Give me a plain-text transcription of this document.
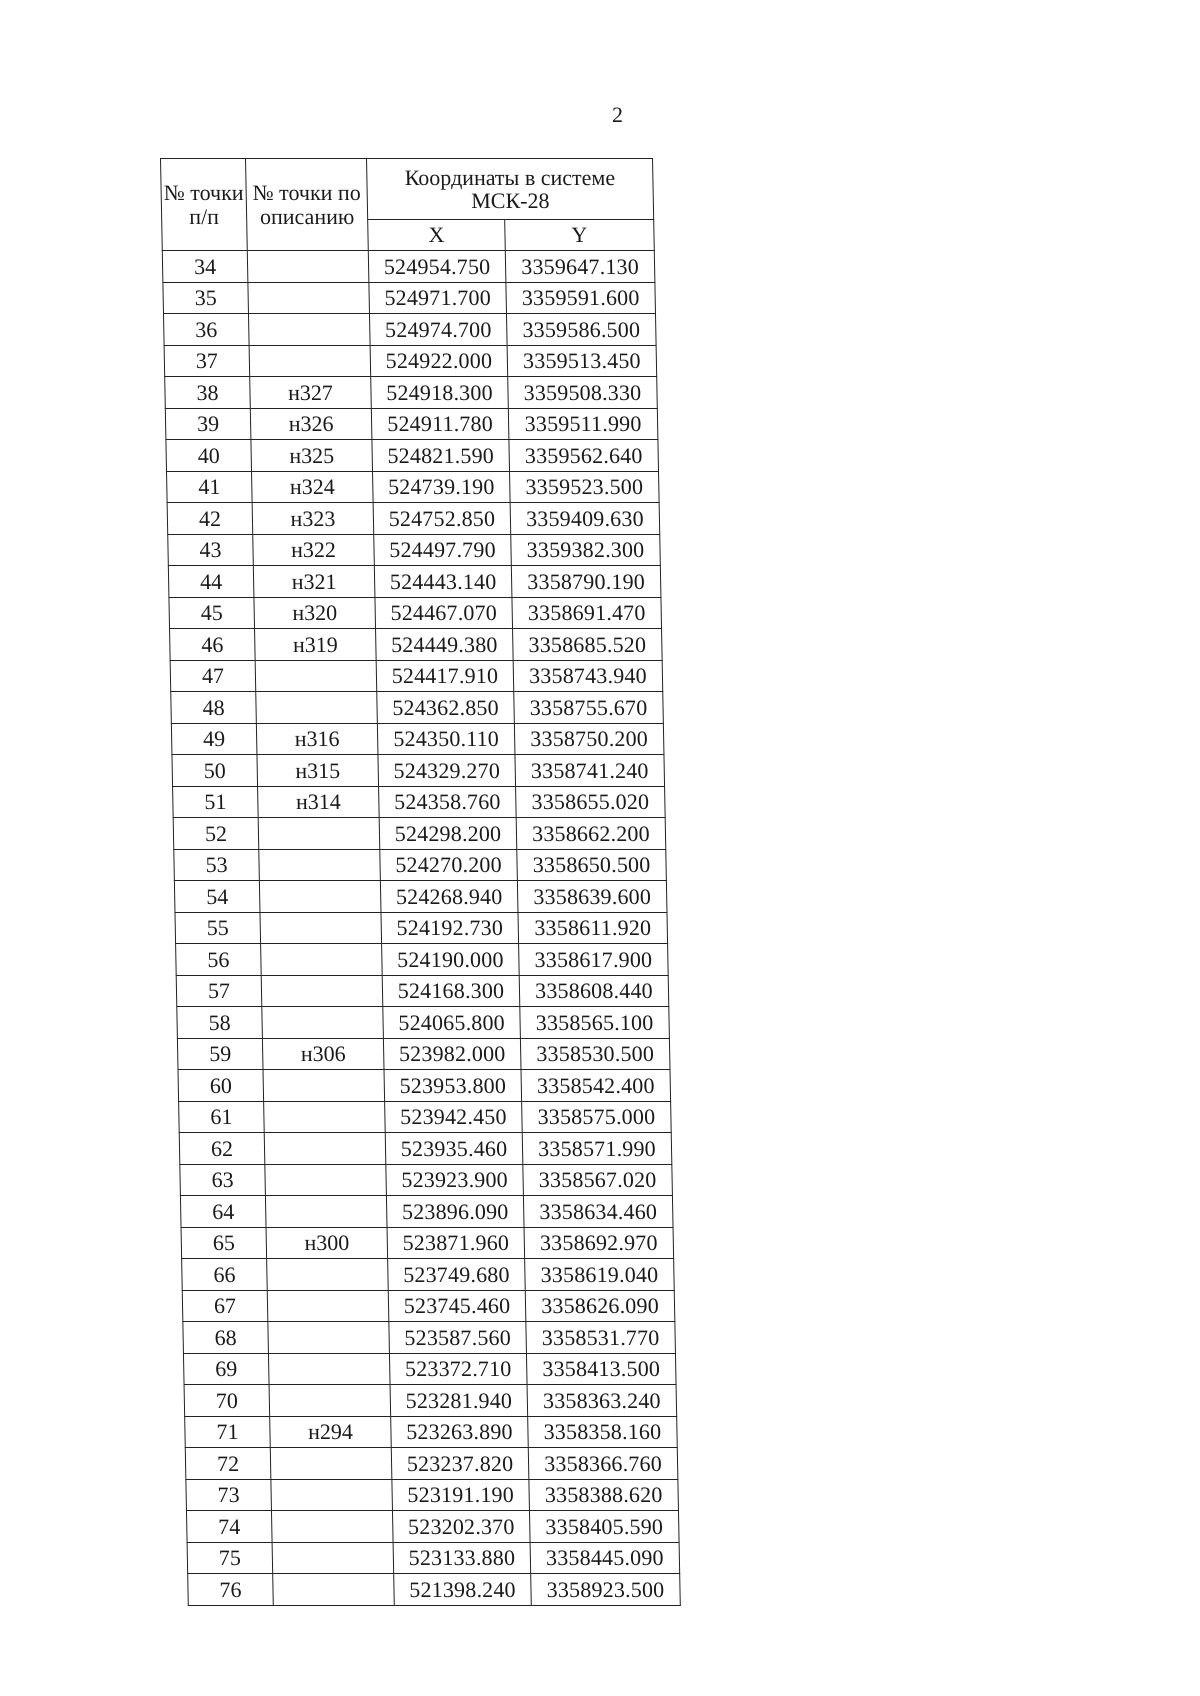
2
№ точки п/п	№ точки по описанию	Координаты в системе МСК-28	
		X	Y
34		524954.750	3359647.130
35		524971.700	3359591.600
36		524974.700	3359586.500
37		524922.000	3359513.450
38	н327	524918.300	3359508.330
39	н326	524911.780	3359511.990
40	н325	524821.590	3359562.640
41	н324	524739.190	3359523.500
42	н323	524752.850	3359409.630
43	н322	524497.790	3359382.300
44	н321	524443.140	3358790.190
45	н320	524467.070	3358691.470
46	н319	524449.380	3358685.520
47		524417.910	3358743.940
48		524362.850	3358755.670
49	н316	524350.110	3358750.200
50	н315	524329.270	3358741.240
51	н314	524358.760	3358655.020
52		524298.200	3358662.200
53		524270.200	3358650.500
54		524268.940	3358639.600
55		524192.730	3358611.920
56		524190.000	3358617.900
57		524168.300	3358608.440
58		524065.800	3358565.100
59	н306	523982.000	3358530.500
60		523953.800	3358542.400
61		523942.450	3358575.000
62		523935.460	3358571.990
63		523923.900	3358567.020
64		523896.090	3358634.460
65	н300	523871.960	3358692.970
66		523749.680	3358619.040
67		523745.460	3358626.090
68		523587.560	3358531.770
69		523372.710	3358413.500
70		523281.940	3358363.240
71	н294	523263.890	3358358.160
72		523237.820	3358366.760
73		523191.190	3358388.620
74		523202.370	3358405.590
75		523133.880	3358445.090
76		521398.240	3358923.500
